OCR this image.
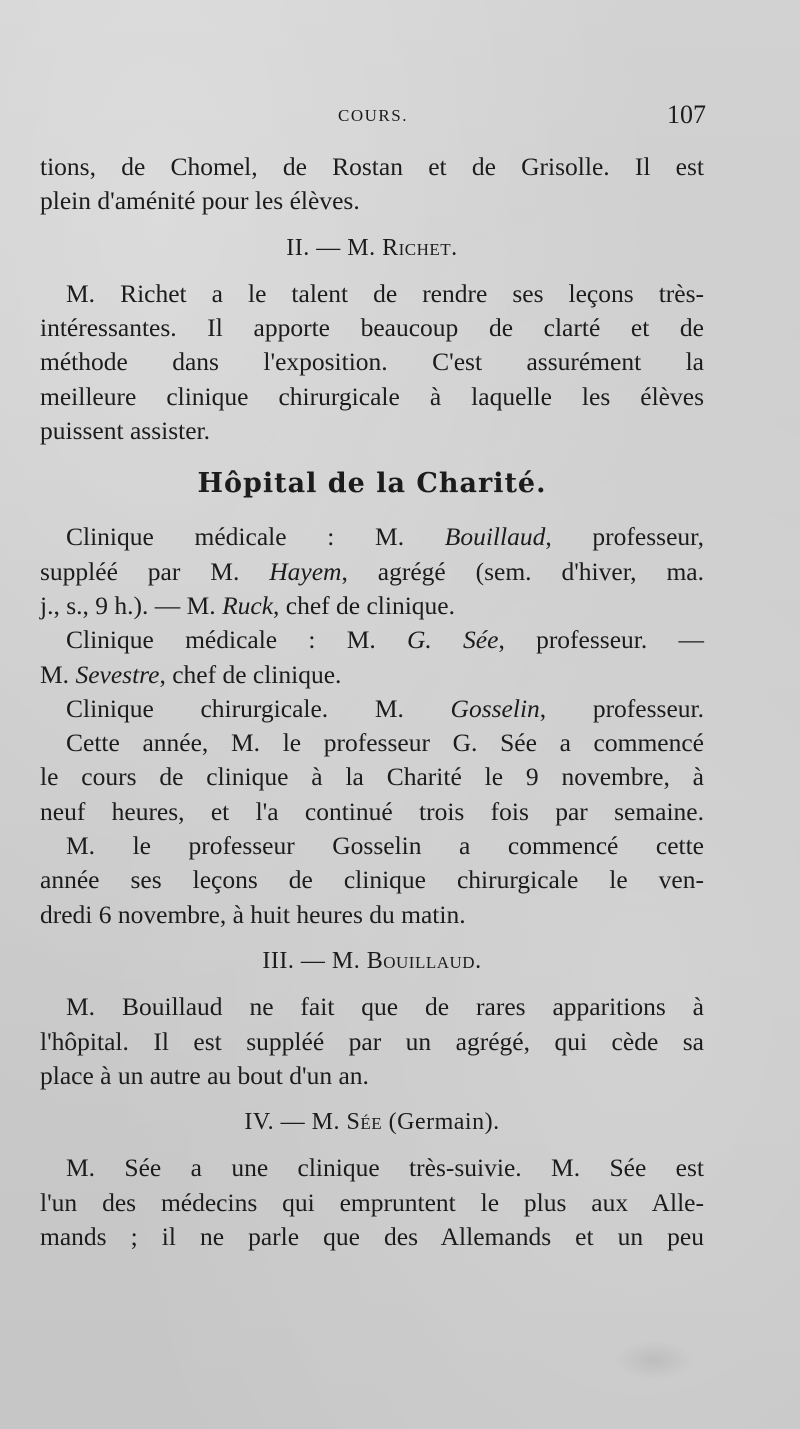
COURS.	107
tions, de Chomel, de Rostan et de Grisolle. Il est
plein d'aménité pour les élèves.
II. — M. Richet.
M. Richet a le talent de rendre ses leçons très-
intéressantes. Il apporte beaucoup de clarté et de
méthode dans l'exposition. C'est assurément la
meilleure clinique chirurgicale à laquelle les élèves
puissent assister.
Hôpital de la Charité.
Clinique médicale : M. Bouillaud, professeur,
suppléé par M. Hayem, agrégé (sem. d'hiver, ma.
j., s., 9 h.). — M. Ruck, chef de clinique.
Clinique médicale : M. G. Sée, professeur. —
M. Sevestre, chef de clinique.
Clinique chirurgicale. M. Gosselin, professeur.
Cette année, M. le professeur G. Sée a commencé
le cours de clinique à la Charité le 9 novembre, à
neuf heures, et l'a continué trois fois par semaine.
M. le professeur Gosselin a commencé cette
année ses leçons de clinique chirurgicale le ven-
dredi 6 novembre, à huit heures du matin.
III. — M. Bouillaud.
M. Bouillaud ne fait que de rares apparitions à
l'hôpital. Il est suppléé par un agrégé, qui cède sa
place à un autre au bout d'un an.
IV. — M. Sée (Germain).
M. Sée a une clinique très-suivie. M. Sée est
l'un des médecins qui empruntent le plus aux Alle-
mands ; il ne parle que des Allemands et un peu
